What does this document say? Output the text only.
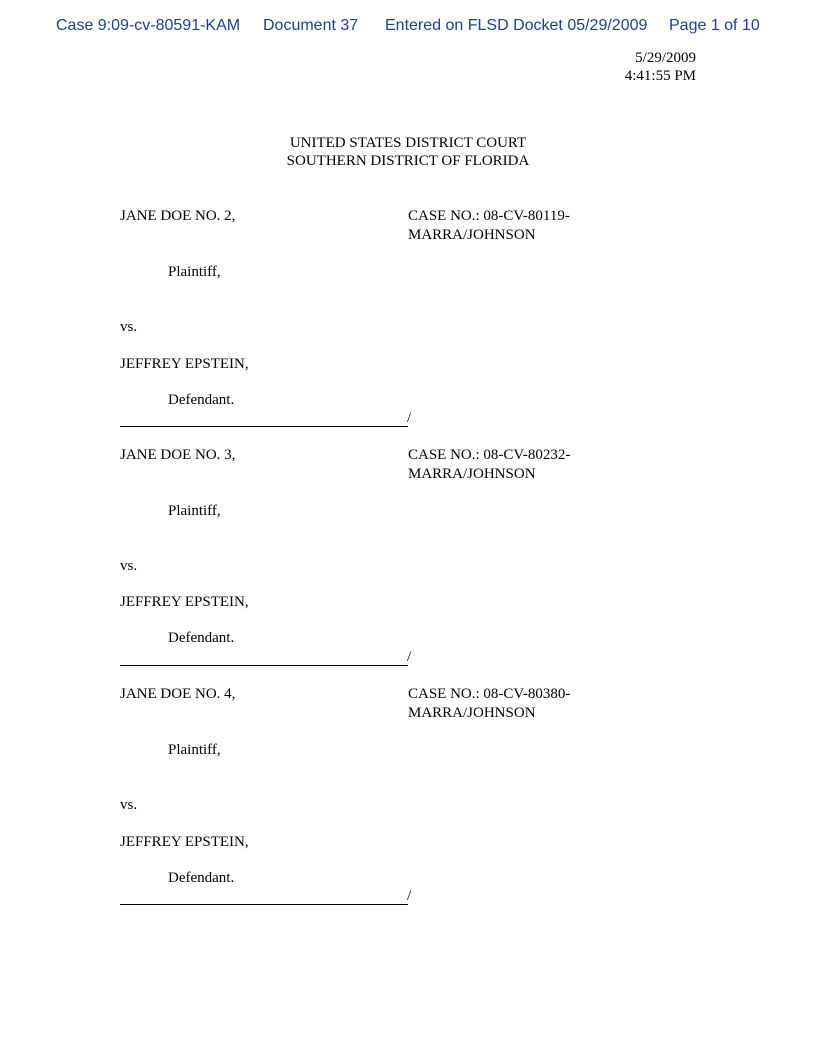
Case 9:09-cv-80591-KAM Document 37 Entered on FLSD Docket 05/29/2009 Page 1 of 10
5/29/2009
4:41:55 PM
UNITED STATES DISTRICT COURT
SOUTHERN DISTRICT OF FLORIDA
JANE DOE NO. 2,	CASE NO.: 08-CV-80119-
MARRA/JOHNSON
Plaintiff,
vs.
JEFFREY EPSTEIN,
Defendant.
/
JANE DOE NO. 3,	CASE NO.: 08-CV-80232-
MARRA/JOHNSON
Plaintiff,
vs.
JEFFREY EPSTEIN,
Defendant.
/
JANE DOE NO. 4,	CASE NO.: 08-CV-80380-
MARRA/JOHNSON
Plaintiff,
vs.
JEFFREY EPSTEIN,
Defendant.
/
